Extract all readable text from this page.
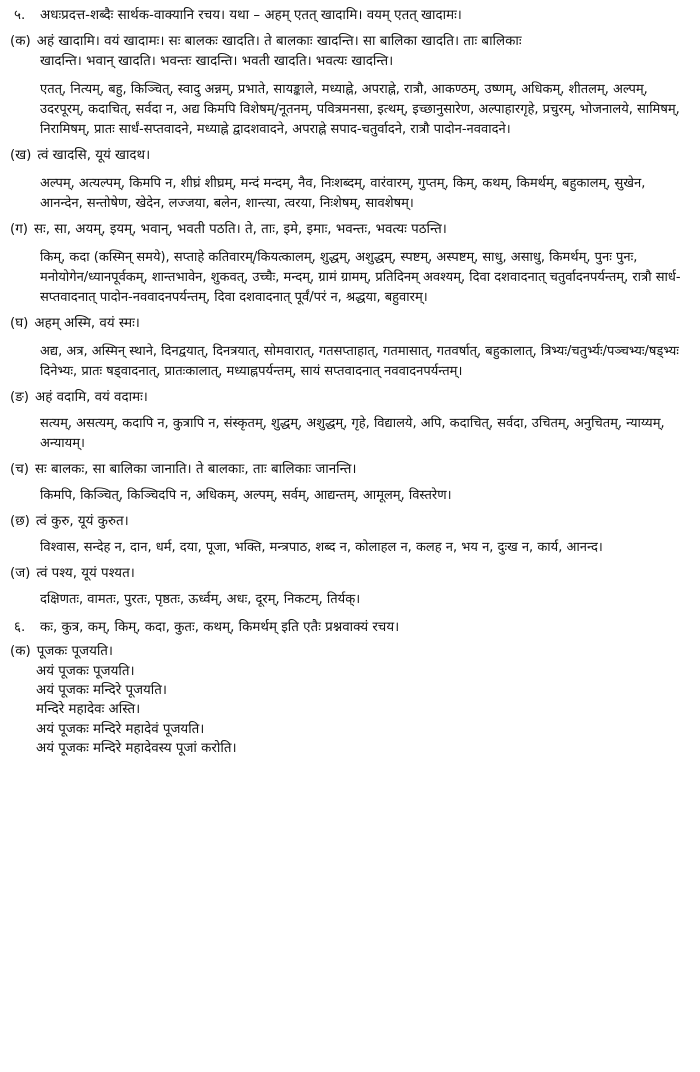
५. अधःप्रदत्त-शब्दैः सार्थक-वाक्यानि रचय। यथा – अहम् एतत् खादामि। वयम् एतत् खादामः।

(क) अहं खादामि। वयं खादामः। सः बालकः खादति। ते बालकाः खादन्ति। सा बालिका खादति। ताः बालिकाः

खादन्ति। भवान् खादति। भवन्तः खादन्ति। भवती खादति। भवत्यः खादन्ति।

एतत्, नित्यम्, बहु, किञ्चित्, स्वादु अन्नम्, प्रभाते, सायङ्काले, मध्याह्ने, अपराह्ने, रात्रौ, आकण्ठम्, उष्णम्, अधिकम्, शीतलम्, अल्पम्, उदरपूरम्, कदाचित्, सर्वदा न, अद्य किमपि विशेषम्/नूतनम्, पवित्रमनसा, इत्थम्, इच्छानुसारेण, अल्पाहारगृहे, प्रचुरम्, भोजनालये, सामिषम्, निरामिषम्, प्रातः सार्धं-सप्तवादने, मध्याह्ने द्वादशवादने, अपराह्ने सपाद-चतुर्वादने, रात्रौ पादोन-नववादने।

(ख) त्वं खादसि, यूयं खादथ।

अल्पम्, अत्यल्पम्, किमपि न, शीघ्रं शीघ्रम्, मन्दं मन्दम्, नैव, निःशब्दम्, वारंवारम्, गुप्तम्, किम्, कथम्, किमर्थम्, बहुकालम्, सुखेन, आनन्देन, सन्तोषेण, खेदेन, लज्जया, बलेन, शान्त्या, त्वरया, निःशेषम्, सावशेषम्।

(ग) सः, सा, अयम्, इयम्, भवान्, भवती पठति। ते, ताः, इमे, इमाः, भवन्तः, भवत्यः पठन्ति।

किम्, कदा (कस्मिन् समये), सप्ताहे कतिवारम्/कियत्कालम्, शुद्धम्, अशुद्धम्, स्पष्टम्, अस्पष्टम्, साधु, असाधु, किमर्थम्, पुनः पुनः, मनोयोगेन/ध्यानपूर्वकम्, शान्तभावेन, शुकवत्, उच्चैः, मन्दम्, ग्रामं ग्रामम्, प्रतिदिनम् अवश्यम्, दिवा दशवादनात् चतुर्वादनपर्यन्तम्, रात्रौ सार्ध-सप्तवादनात् पादोन-नववादनपर्यन्तम्, दिवा दशवादनात् पूर्वं/परं न, श्रद्धया, बहुवारम्।

(घ) अहम् अस्मि, वयं स्मः।

अद्य, अत्र, अस्मिन् स्थाने, दिनद्वयात्, दिनत्रयात्, सोमवारात्, गतसप्ताहात्, गतमासात्, गतवर्षात्, बहुकालात्, त्रिभ्यः/चतुर्भ्यः/पञ्चभ्यः/षड्भ्यः दिनेभ्यः, प्रातः षड्वादनात्, प्रातःकालात्, मध्याह्नपर्यन्तम्, सायं सप्तवादनात् नववादनपर्यन्तम्।

(ङ) अहं वदामि, वयं वदामः।

सत्यम्, असत्यम्, कदापि न, कुत्रापि न, संस्कृतम्, शुद्धम्, अशुद्धम्, गृहे, विद्यालये, अपि, कदाचित्, सर्वदा, उचितम्, अनुचितम्, न्याय्यम्, अन्यायम्।

(च) सः बालकः, सा बालिका जानाति। ते बालकाः, ताः बालिकाः जानन्ति।

किमपि, किञ्चित्, किञ्चिदपि न, अधिकम्, अल्पम्, सर्वम्, आद्यन्तम्, आमूलम्, विस्तरेण।

(छ) त्वं कुरु, यूयं कुरुत।

विश्वास, सन्देह न, दान, धर्म, दया, पूजा, भक्ति, मन्त्रपाठ, शब्द न, कोलाहल न, कलह न, भय न, दुःख न, कार्य, आनन्द।

(ज) त्वं पश्य, यूयं पश्यत।

दक्षिणतः, वामतः, पुरतः, पृष्ठतः, ऊर्ध्वम्, अधः, दूरम्, निकटम्, तिर्यक्।

६. कः, कुत्र, कम्, किम्, कदा, कुतः, कथम्, किमर्थम् इति एतैः प्रश्नवाक्यं रचय।

(क) पूजकः पूजयति।

अयं पूजकः पूजयति।
अयं पूजकः मन्दिरे पूजयति।
मन्दिरे महादेवः अस्ति।
अयं पूजकः मन्दिरे महादेवं पूजयति।
अयं पूजकः मन्दिरे महादेवस्य पूजां करोति।
